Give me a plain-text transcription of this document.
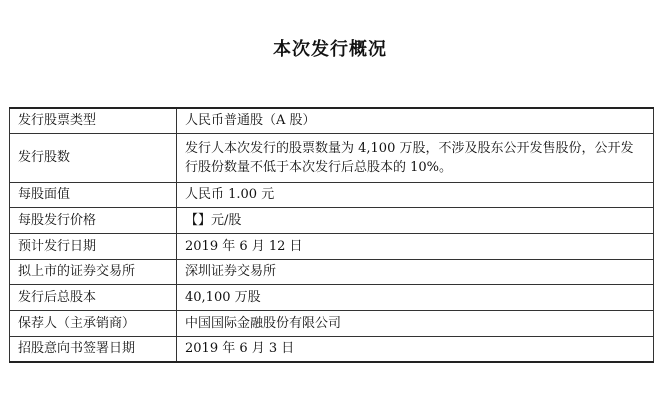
本次发行概况
发行股票类型	人民币普通股（A 股）
发行股数	发行人本次发行的股票数量为 4,100 万股，不涉及股东公开发售股份，公开发行股份数量不低于本次发行后总股本的 10%。
每股面值	人民币 1.00 元
每股发行价格	【】元/股
预计发行日期	2019 年 6 月 12 日
拟上市的证券交易所	深圳证券交易所
发行后总股本	40,100 万股
保荐人（主承销商）	中国国际金融股份有限公司
招股意向书签署日期	2019 年 6 月 3 日
